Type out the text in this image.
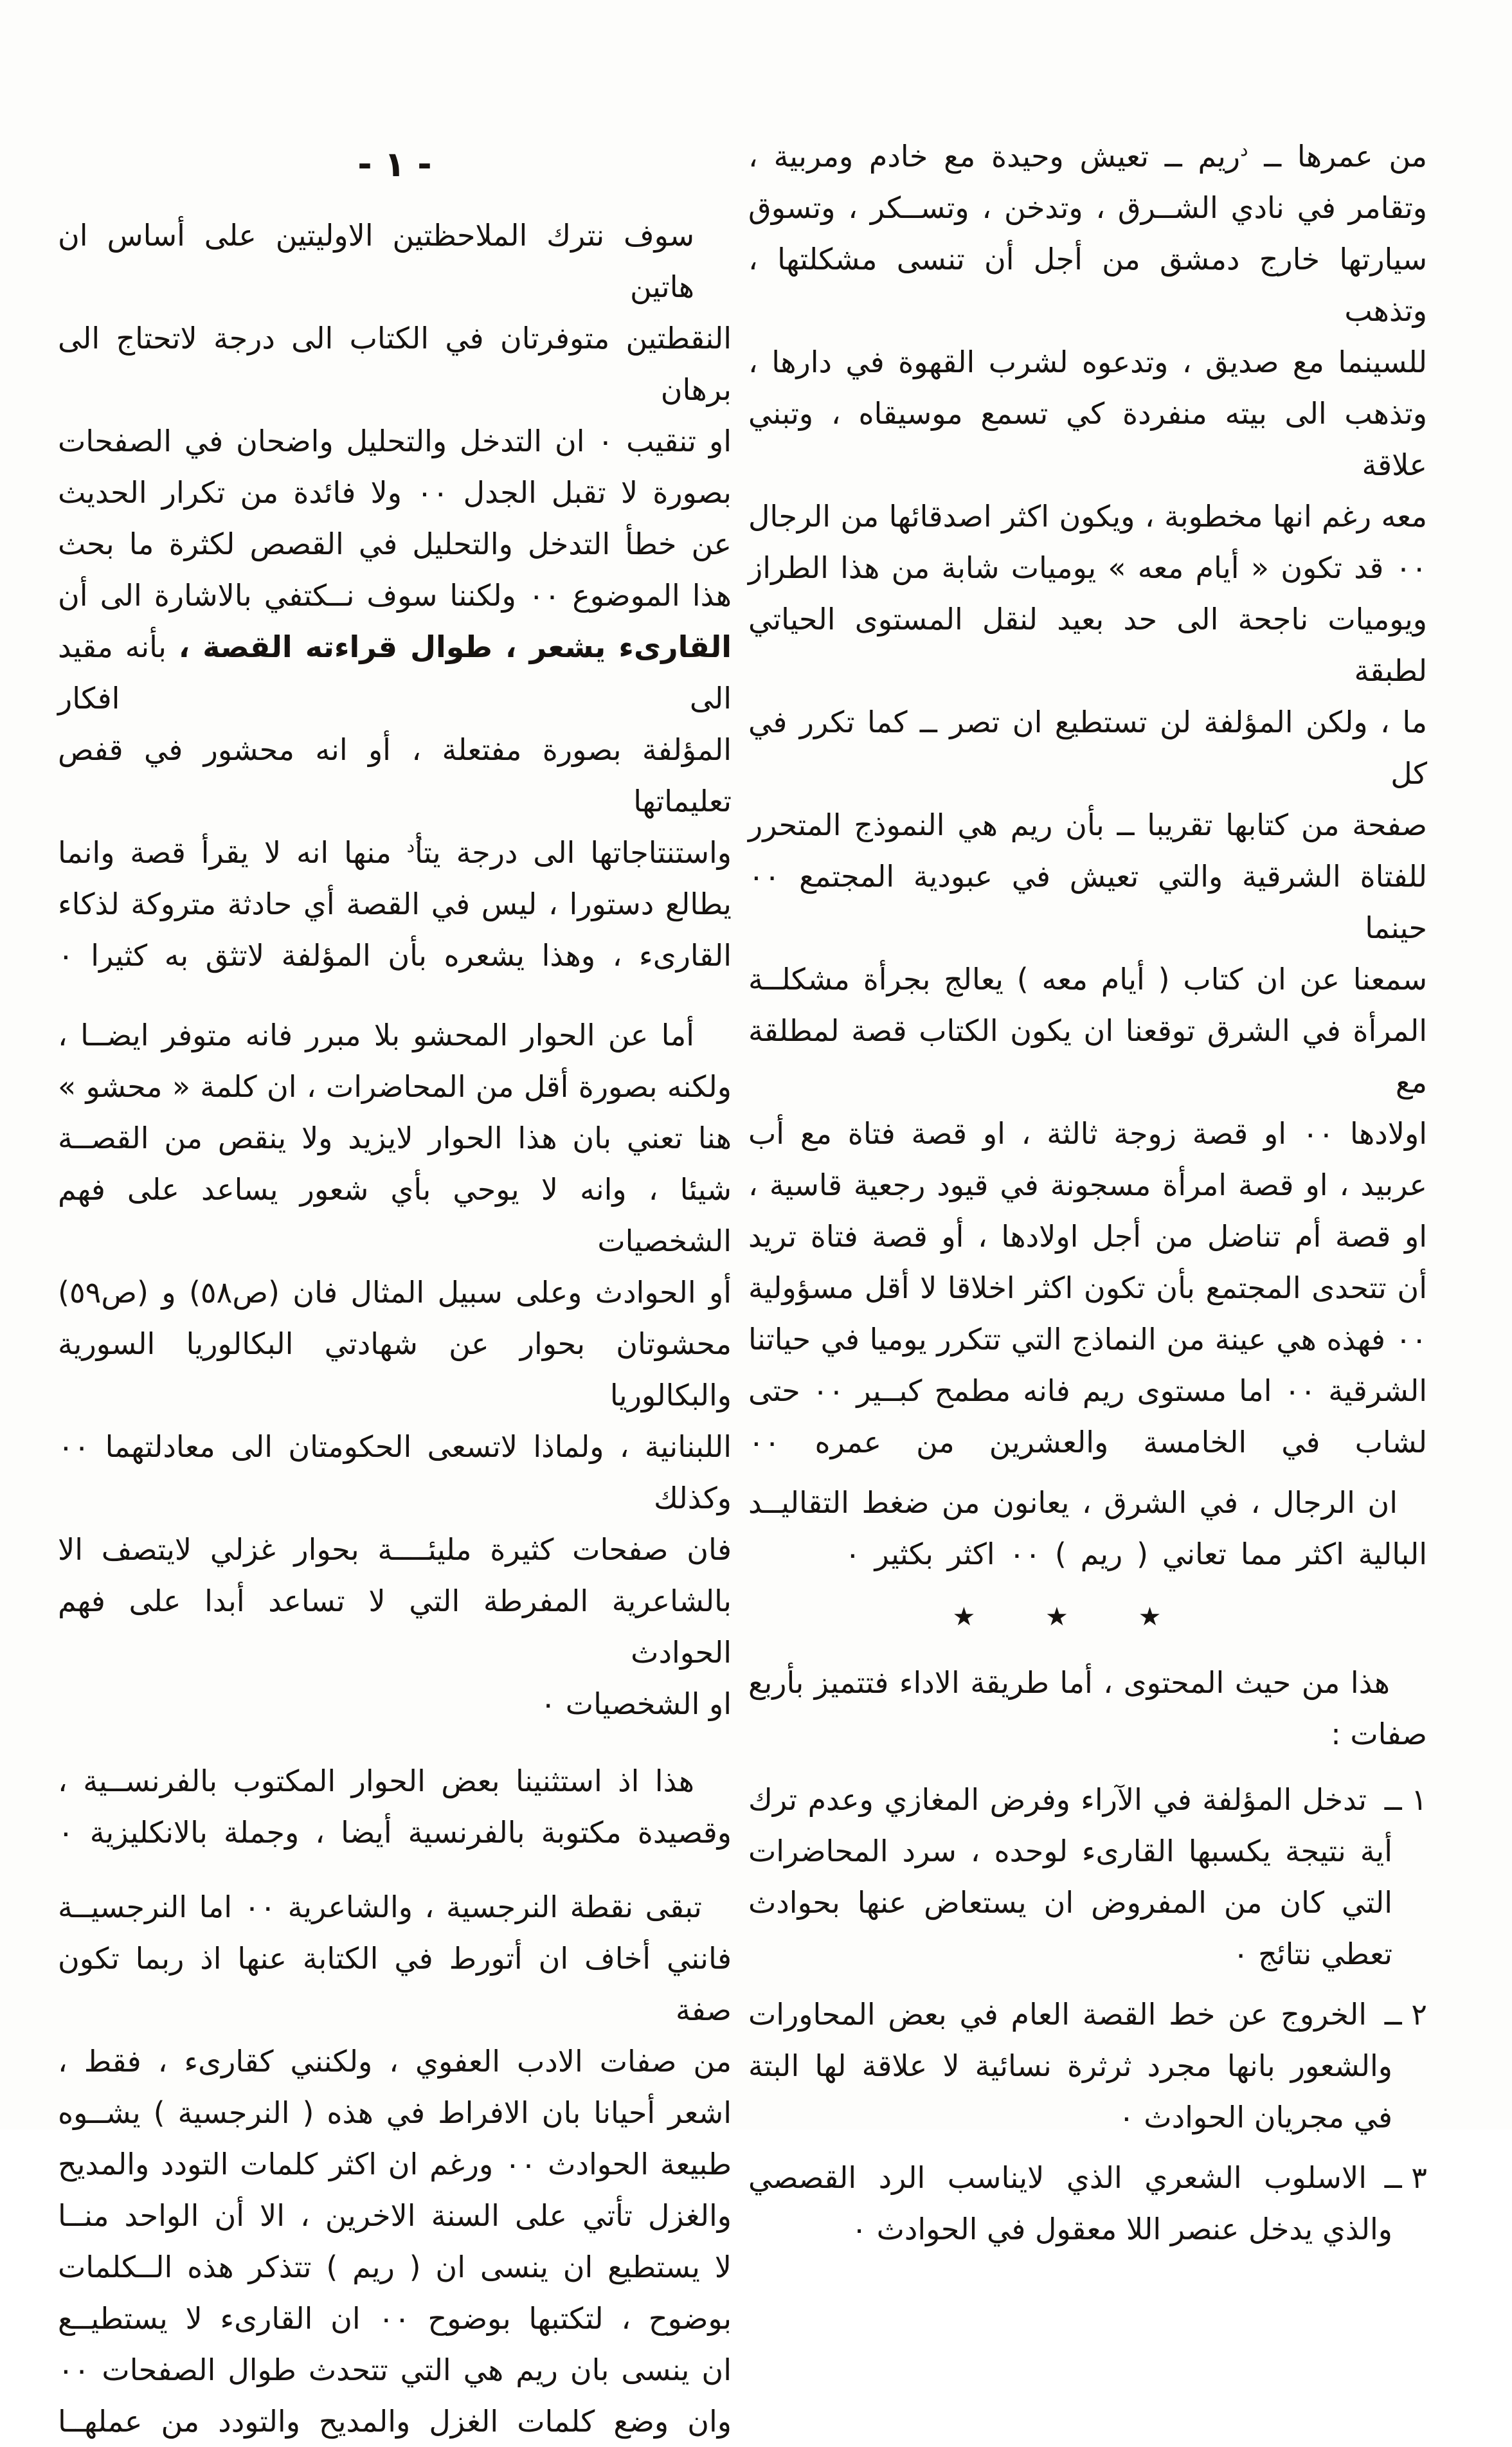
من عمرها ــ $^د$ريم ــ تعيش وحيدة مع خادم ومربية ،
وتقامر في نادي الشــرق ، وتدخن ، وتســكر ، وتسوق
سيارتها خارج دمشق من أجل أن تنسى مشكلتها ، وتذهب
للسينما مع صديق ، وتدعوه لشرب القهوة في دارها ،
وتذهب الى بيته منفردة كي تسمع موسيقاه ، وتبني علاقة
معه رغم انها مخطوبة ، ويكون اكثر اصدقائها من الرجال
٠٠ قد تكون « أيام معه » يوميات شابة من هذا الطراز
ويوميات ناجحة الى حد بعيد لنقل المستوى الحياتي لطبقة
ما ، ولكن المؤلفة لن تستطيع ان تصر ــ كما تكرر في كل
صفحة من كتابها تقريبا ــ بأن ريم هي النموذج المتحرر
للفتاة الشرقية والتي تعيش في عبودية المجتمع ٠٠ حينما
سمعنا عن ان كتاب ( أيام معه ) يعالج بجرأة مشكلــة
المرأة في الشرق توقعنا ان يكون الكتاب قصة لمطلقة مع
اولادها ٠٠ او قصة زوجة ثالثة ، او قصة فتاة مع أب
عربيد ، او قصة امرأة مسجونة في قيود رجعية قاسية ،
او قصة أم تناضل من أجل اولادها ، أو قصة فتاة تريد
أن تتحدى المجتمع بأن تكون اكثر اخلاقا لا أقل مسؤولية
٠٠ فهذه هي عينة من النماذج التي تتكرر يوميا في حياتنا
الشرقية ٠٠ اما مستوى ريم فانه مطمح كبــير ٠٠ حتى
لشاب في الخامسة والعشرين من عمره ٠٠
ان الرجال ، في الشرق ، يعانون من ضغط التقاليــد
البالية اكثر مما تعاني ( ريم ) ٠٠ اكثر بكثير ٠
★ ★ ★
هذا من حيث المحتوى ، أما طريقة الاداء فتتميز بأربع
صفات :
١ ــ
تدخل المؤلفة في الآراء وفرض المغازي وعدم ترك
أية نتيجة يكسبها القارىء لوحده ، سرد المحاضرات
التي كان من المفروض ان يستعاض عنها بحوادث
تعطي نتائج ٠
٢ ــ
الخروج عن خط القصة العام في بعض المحاورات
والشعور بانها مجرد ثرثرة نسائية لا علاقة لها البتة
في مجريان الحوادث ٠
٣ ــ
الاسلوب الشعري الذي لايناسب الرد القصصي
والذي يدخل عنصر اللا معقول في الحوادث ٠
- ١ -
سوف نترك الملاحظتين الاوليتين على أساس ان هاتين
النقطتين متوفرتان في الكتاب الى درجة لاتحتاج الى برهان
او تنقيب ٠ ان التدخل والتحليل واضحان في الصفحات
بصورة لا تقبل الجدل ٠٠ ولا فائدة من تكرار الحديث
عن خطأ التدخل والتحليل في القصص لكثرة ما بحث
هذا الموضوع ٠٠ ولكننا سوف نــكتفي بالاشارة الى أن
القارىء يشعر ، طوال قراءته القصة ، بأنه مقيد الى افكار
المؤلفة بصورة مفتعلة ، أو انه محشور في قفص تعليماتها
واستنتاجاتها الى درجة يتأ$^{ُد}$ منها انه لا يقرأ قصة وانما
يطالع دستورا ، ليس في القصة أي حادثة متروكة لذكاء
القارىء ، وهذا يشعره بأن المؤلفة لاتثق به كثيرا ٠
أما عن الحوار المحشو بلا مبرر فانه متوفر ايضــا ،
ولكنه بصورة أقل من المحاضرات ، ان كلمة « محشو »
هنا تعني بان هذا الحوار لايزيد ولا ينقص من القصــة
شيئا ، وانه لا يوحي بأي شعور يساعد على فهم الشخصيات
أو الحوادث وعلى سبيل المثال فان (ص٥٨) و (ص٥٩)
محشوتان بحوار عن شهادتي البكالوريا السورية والبكالوريا
اللبنانية ، ولماذا لاتسعى الحكومتان الى معادلتهما ٠٠ وكذلك
فان صفحات كثيرة مليئــــة بحوار غزلي لايتصف الا
بالشاعرية المفرطة التي لا تساعد أبدا على فهم الحوادث
او الشخصيات ٠
هذا اذ استثنينا بعض الحوار المكتوب بالفرنســية ،
وقصيدة مكتوبة بالفرنسية أيضا ، وجملة بالانكليزية ٠
تبقى نقطة النرجسية ، والشاعرية ٠٠ اما النرجسيــة
فانني أخاف ان أتورط في الكتابة عنها اذ ربما تكون صفة
من صفات الادب العفوي ، ولكنني كقارىء ، فقط ،
اشعر أحيانا بان الافراط في هذه ( النرجسية ) يشــوه
طبيعة الحوادث ٠٠ ورغم ان اكثر كلمات التودد والمديح
والغزل تأتي على السنة الاخرين ، الا أن الواحد منــا
لا يستطيع ان ينسى ان ( ريم ) تتذكر هذه الــكلمات
بوضوح ، لتكتبها بوضوح ٠٠ ان القارىء لا يستطيــع
ان ينسى بان ريم هي التي تتحدث طوال الصفحات ٠٠
وان وضع كلمات الغزل والمديح والتودد من عملهــا
